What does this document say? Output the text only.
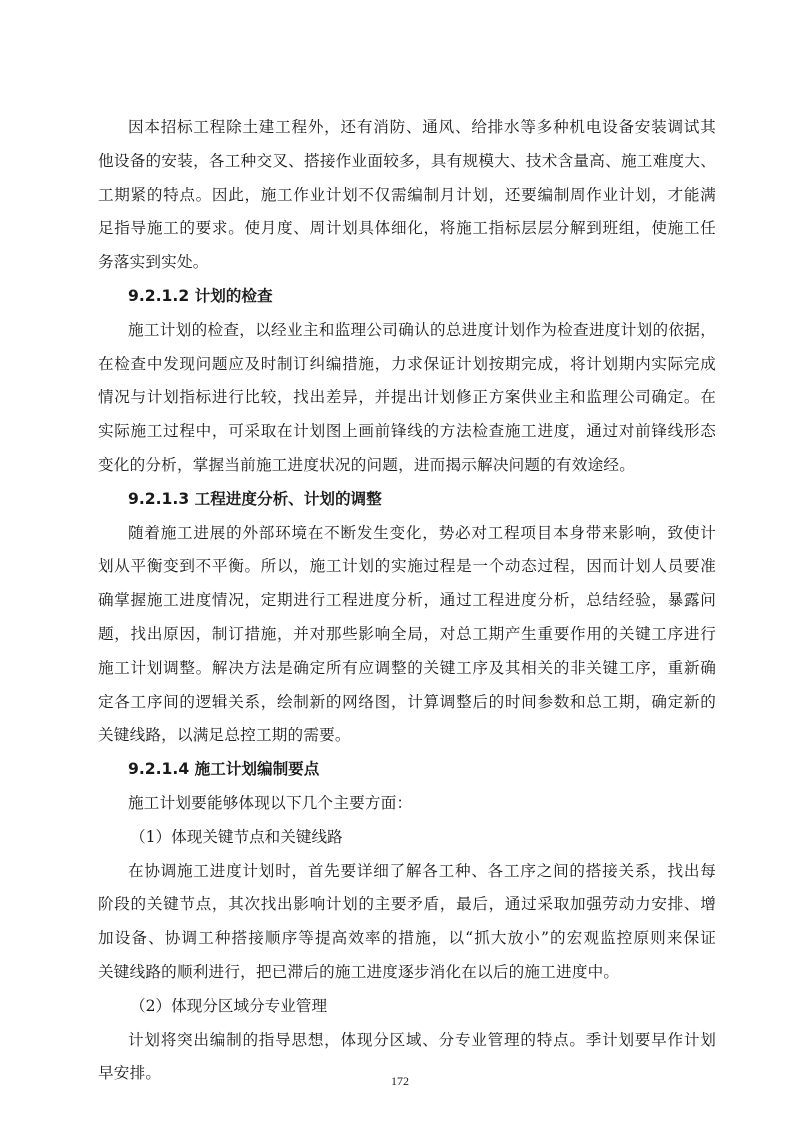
因本招标工程除土建工程外，还有消防、通风、给排水等多种机电设备安装调试其
他设备的安装，各工种交叉、搭接作业面较多，具有规模大、技术含量高、施工难度大、
工期紧的特点。因此，施工作业计划不仅需编制月计划，还要编制周作业计划，才能满
足指导施工的要求。使月度、周计划具体细化，将施工指标层层分解到班组，使施工任
务落实到实处。
9.2.1.2 计划的检查
施工计划的检查，以经业主和监理公司确认的总进度计划作为检查进度计划的依据，
在检查中发现问题应及时制订纠编措施，力求保证计划按期完成，将计划期内实际完成
情况与计划指标进行比较，找出差异，并提出计划修正方案供业主和监理公司确定。在
实际施工过程中，可采取在计划图上画前锋线的方法检查施工进度，通过对前锋线形态
变化的分析，掌握当前施工进度状况的问题，进而揭示解决问题的有效途经。
9.2.1.3 工程进度分析、计划的调整
随着施工进展的外部环境在不断发生变化，势必对工程项目本身带来影响，致使计
划从平衡变到不平衡。所以，施工计划的实施过程是一个动态过程，因而计划人员要准
确掌握施工进度情况，定期进行工程进度分析，通过工程进度分析，总结经验，暴露问
题，找出原因，制订措施，并对那些影响全局，对总工期产生重要作用的关键工序进行
施工计划调整。解决方法是确定所有应调整的关键工序及其相关的非关键工序，重新确
定各工序间的逻辑关系，绘制新的网络图，计算调整后的时间参数和总工期，确定新的
关键线路，以满足总控工期的需要。
9.2.1.4 施工计划编制要点
施工计划要能够体现以下几个主要方面：
（1）体现关键节点和关键线路
在协调施工进度计划时，首先要详细了解各工种、各工序之间的搭接关系，找出每
阶段的关键节点，其次找出影响计划的主要矛盾，最后，通过采取加强劳动力安排、增
加设备、协调工种搭接顺序等提高效率的措施，以“抓大放小”的宏观监控原则来保证
关键线路的顺利进行，把已滞后的施工进度逐步消化在以后的施工进度中。
（2）体现分区域分专业管理
计划将突出编制的指导思想，体现分区域、分专业管理的特点。季计划要早作计划
早安排。	172
